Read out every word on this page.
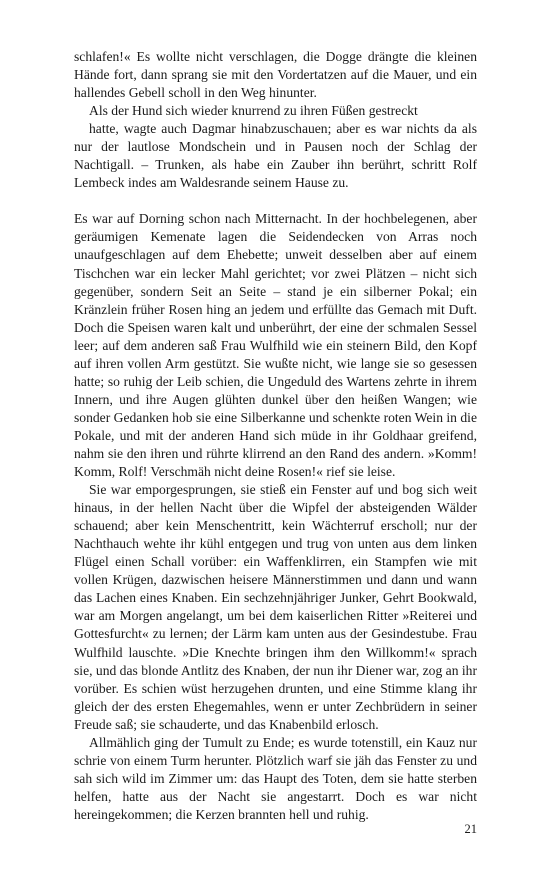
schlafen!« Es wollte nicht verschlagen, die Dogge drängte die kleinen Hände fort, dann sprang sie mit den Vordertatzen auf die Mauer, und ein hallendes Gebell scholl in den Weg hinunter.

Als der Hund sich wieder knurrend zu ihren Füßen gestreckt

hatte, wagte auch Dagmar hinabzuschauen; aber es war nichts da als nur der lautlose Mondschein und in Pausen noch der Schlag der Nachtigall. – Trunken, als habe ein Zauber ihn berührt, schritt Rolf Lembeck indes am Waldesrande seinem Hause zu.

Es war auf Dorning schon nach Mitternacht. In der hochbelegenen, aber geräumigen Kemenate lagen die Seidendecken von Arras noch unaufgeschlagen auf dem Ehebette; unweit desselben aber auf einem Tischchen war ein lecker Mahl gerichtet; vor zwei Plätzen – nicht sich gegenüber, sondern Seit an Seite – stand je ein silberner Pokal; ein Kränzlein früher Rosen hing an jedem und erfüllte das Gemach mit Duft. Doch die Speisen waren kalt und unberührt, der eine der schmalen Sessel leer; auf dem anderen saß Frau Wulfhild wie ein steinern Bild, den Kopf auf ihren vollen Arm gestützt. Sie wußte nicht, wie lange sie so gesessen hatte; so ruhig der Leib schien, die Ungeduld des Wartens zehrte in ihrem Innern, und ihre Augen glühten dunkel über den heißen Wangen; wie sonder Gedanken hob sie eine Silberkanne und schenkte roten Wein in die Pokale, und mit der anderen Hand sich müde in ihr Goldhaar greifend, nahm sie den ihren und rührte klirrend an den Rand des andern. »Komm! Komm, Rolf! Verschmäh nicht deine Rosen!« rief sie leise.

Sie war emporgesprungen, sie stieß ein Fenster auf und bog sich weit hinaus, in der hellen Nacht über die Wipfel der absteigenden Wälder schauend; aber kein Menschentritt, kein Wächterruf erscholl; nur der Nachthauch wehte ihr kühl entgegen und trug von unten aus dem linken Flügel einen Schall vorüber: ein Waffenklirren, ein Stampfen wie mit vollen Krügen, dazwischen heisere Männerstimmen und dann und wann das Lachen eines Knaben. Ein sechzehnjähriger Junker, Gehrt Bookwald, war am Morgen angelangt, um bei dem kaiserlichen Ritter »Reiterei und Gottesfurcht« zu lernen; der Lärm kam unten aus der Gesindestube. Frau Wulfhild lauschte. »Die Knechte bringen ihm den Willkomm!« sprach sie, und das blonde Antlitz des Knaben, der nun ihr Diener war, zog an ihr vorüber. Es schien wüst herzugehen drunten, und eine Stimme klang ihr gleich der des ersten Ehegemahles, wenn er unter Zechbrüdern in seiner Freude saß; sie schauderte, und das Knabenbild erlosch.

Allmählich ging der Tumult zu Ende; es wurde totenstill, ein Kauz nur schrie von einem Turm herunter. Plötzlich warf sie jäh das Fenster zu und sah sich wild im Zimmer um: das Haupt des Toten, dem sie hatte sterben helfen, hatte aus der Nacht sie angestarrt. Doch es war nicht hereingekommen; die Kerzen brannten hell und ruhig.

21
